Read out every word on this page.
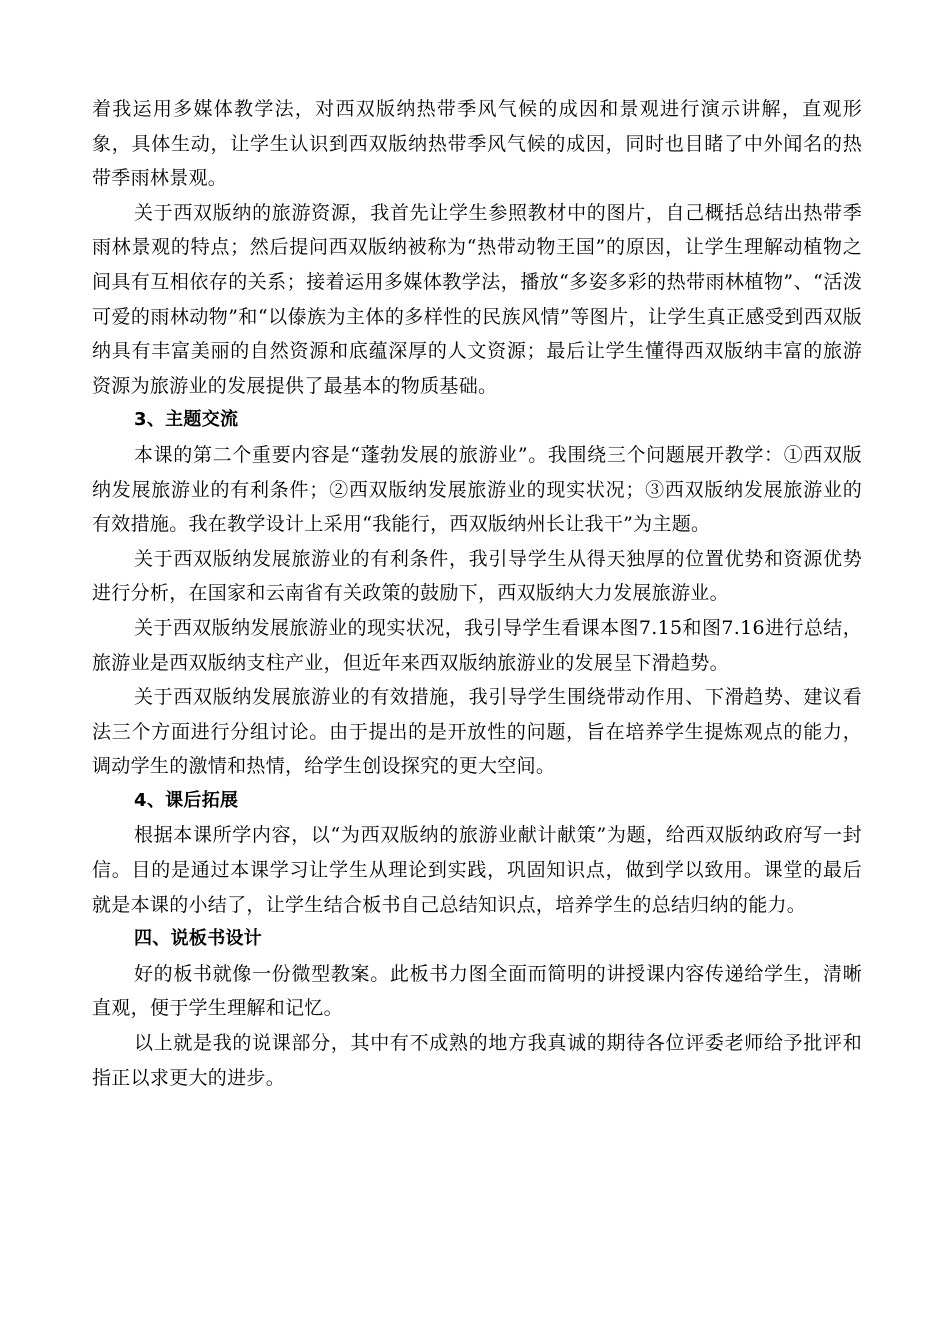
着我运用多媒体教学法，对西双版纳热带季风气候的成因和景观进行演示讲解，直观形象，具体生动，让学生认识到西双版纳热带季风气候的成因，同时也目睹了中外闻名的热带季雨林景观。

关于西双版纳的旅游资源，我首先让学生参照教材中的图片，自己概括总结出热带季雨林景观的特点；然后提问西双版纳被称为“热带动物王国”的原因，让学生理解动植物之间具有互相依存的关系；接着运用多媒体教学法，播放“多姿多彩的热带雨林植物”、“活泼可爱的雨林动物”和“以傣族为主体的多样性的民族风情”等图片，让学生真正感受到西双版纳具有丰富美丽的自然资源和底蕴深厚的人文资源；最后让学生懂得西双版纳丰富的旅游资源为旅游业的发展提供了最基本的物质基础。

3、主题交流

本课的第二个重要内容是“蓬勃发展的旅游业”。我围绕三个问题展开教学：①西双版纳发展旅游业的有利条件；②西双版纳发展旅游业的现实状况；③西双版纳发展旅游业的有效措施。我在教学设计上采用“我能行，西双版纳州长让我干”为主题。

关于西双版纳发展旅游业的有利条件，我引导学生从得天独厚的位置优势和资源优势进行分析，在国家和云南省有关政策的鼓励下，西双版纳大力发展旅游业。

关于西双版纳发展旅游业的现实状况，我引导学生看课本图7.15和图7.16进行总结，旅游业是西双版纳支柱产业，但近年来西双版纳旅游业的发展呈下滑趋势。

关于西双版纳发展旅游业的有效措施，我引导学生围绕带动作用、下滑趋势、建议看法三个方面进行分组讨论。由于提出的是开放性的问题，旨在培养学生提炼观点的能力，调动学生的激情和热情，给学生创设探究的更大空间。

4、课后拓展

根据本课所学内容，以“为西双版纳的旅游业献计献策”为题，给西双版纳政府写一封信。目的是通过本课学习让学生从理论到实践，巩固知识点，做到学以致用。课堂的最后就是本课的小结了，让学生结合板书自己总结知识点，培养学生的总结归纳的能力。

四、说板书设计

好的板书就像一份微型教案。此板书力图全面而简明的讲授课内容传递给学生，清晰直观，便于学生理解和记忆。

以上就是我的说课部分，其中有不成熟的地方我真诚的期待各位评委老师给予批评和指正以求更大的进步。
